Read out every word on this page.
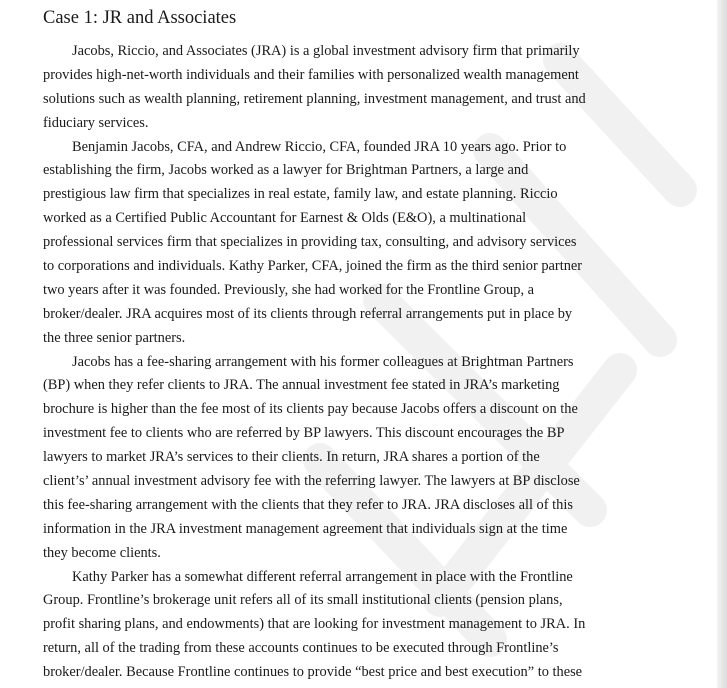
Case 1: JR and Associates
Jacobs, Riccio, and Associates (JRA) is a global investment advisory firm that primarily
provides high-net-worth individuals and their families with personalized wealth management
solutions such as wealth planning, retirement planning, investment management, and trust and
fiduciary services.
Benjamin Jacobs, CFA, and Andrew Riccio, CFA, founded JRA 10 years ago. Prior to
establishing the firm, Jacobs worked as a lawyer for Brightman Partners, a large and
prestigious law firm that specializes in real estate, family law, and estate planning. Riccio
worked as a Certified Public Accountant for Earnest & Olds (E&O), a multinational
professional services firm that specializes in providing tax, consulting, and advisory services
to corporations and individuals. Kathy Parker, CFA, joined the firm as the third senior partner
two years after it was founded. Previously, she had worked for the Frontline Group, a
broker/dealer. JRA acquires most of its clients through referral arrangements put in place by
the three senior partners.
Jacobs has a fee-sharing arrangement with his former colleagues at Brightman Partners
(BP) when they refer clients to JRA. The annual investment fee stated in JRA’s marketing
brochure is higher than the fee most of its clients pay because Jacobs offers a discount on the
investment fee to clients who are referred by BP lawyers. This discount encourages the BP
lawyers to market JRA’s services to their clients. In return, JRA shares a portion of the
client’s’ annual investment advisory fee with the referring lawyer. The lawyers at BP disclose
this fee-sharing arrangement with the clients that they refer to JRA. JRA discloses all of this
information in the JRA investment management agreement that individuals sign at the time
they become clients.
Kathy Parker has a somewhat different referral arrangement in place with the Frontline
Group. Frontline’s brokerage unit refers all of its small institutional clients (pension plans,
profit sharing plans, and endowments) that are looking for investment management to JRA. In
return, all of the trading from these accounts continues to be executed through Frontline’s
broker/dealer. Because Frontline continues to provide “best price and best execution” to these
